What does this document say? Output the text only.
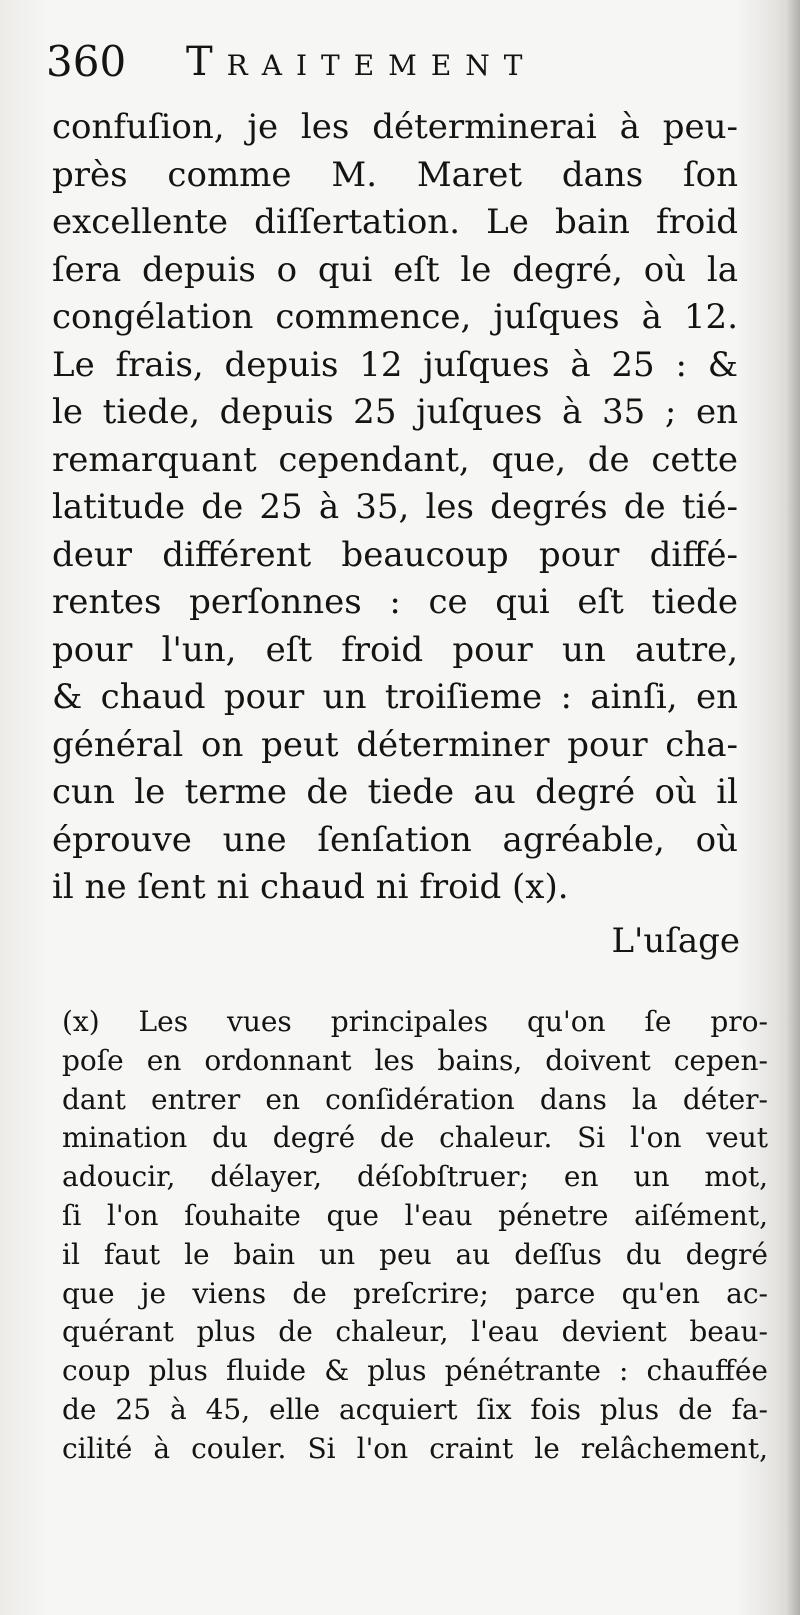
360 Traitement
confuſion, je les déterminerai à peu-
près comme M. Maret dans ſon
excellente diſſertation. Le bain froid
ſera depuis o qui eſt le degré, où la
congélation commence, juſques à 12.
Le frais, depuis 12 juſques à 25 : &
le tiede, depuis 25 juſques à 35 ; en
remarquant cependant, que, de cette
latitude de 25 à 35, les degrés de tié-
deur différent beaucoup pour diffé-
rentes perſonnes : ce qui eſt tiede
pour l'un, eſt froid pour un autre,
& chaud pour un troiſieme : ainſi, en
général on peut déterminer pour cha-
cun le terme de tiede au degré où il
éprouve une ſenſation agréable, où
il ne ſent ni chaud ni froid (x).
L'uſage
(x) Les vues principales qu'on ſe pro-
poſe en ordonnant les bains, doivent cepen-
dant entrer en conſidération dans la déter-
mination du degré de chaleur. Si l'on veut
adoucir, délayer, déſobſtruer; en un mot,
ſi l'on ſouhaite que l'eau pénetre aiſément,
il faut le bain un peu au deſſus du degré
que je viens de preſcrire; parce qu'en ac-
quérant plus de chaleur, l'eau devient beau-
coup plus fluide & plus pénétrante : chauffée
de 25 à 45, elle acquiert ſix fois plus de fa-
cilité à couler. Si l'on craint le relâchement,
